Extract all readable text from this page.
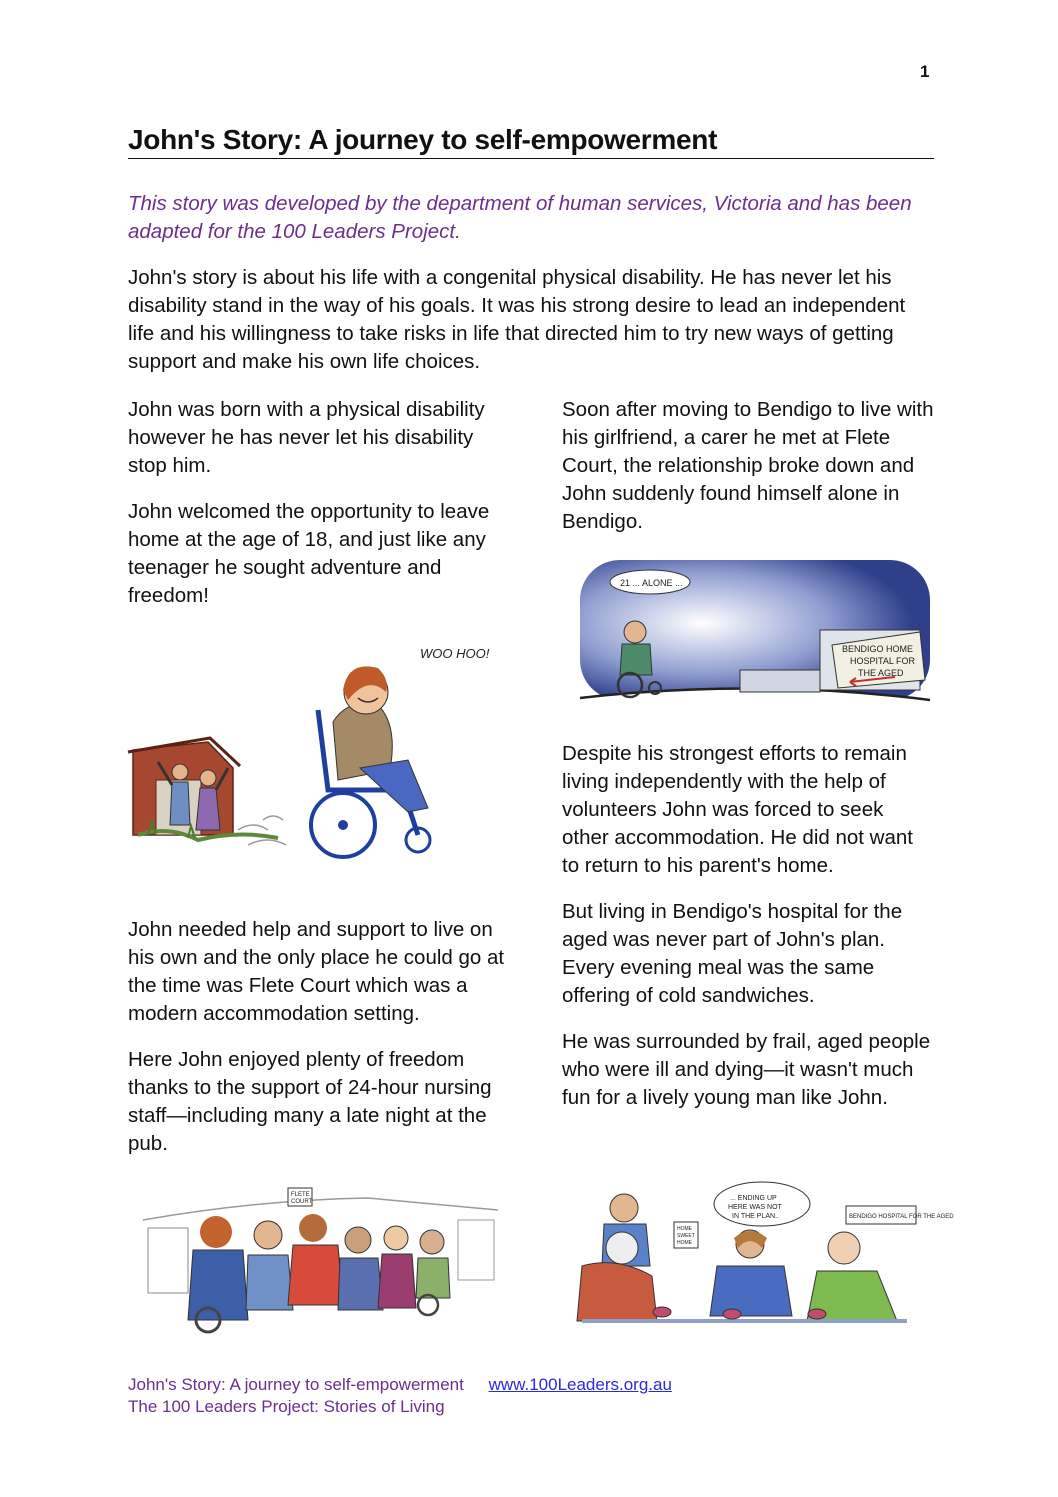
1
John's Story: A journey to self-empowerment

This story was developed by the department of human services, Victoria and has been adapted for the 100 Leaders Project.

John's story is about his life with a congenital physical disability. He has never let his disability stand in the way of his goals. It was his strong desire to lead an independent life and his willingness to take risks in life that directed him to try new ways of getting support and make his own life choices.

John was born with a physical disability however he has never let his disability stop him.

John welcomed the opportunity to leave home at the age of 18, and just like any teenager he sought adventure and freedom!

WOO HOO!

John needed help and support to live on his own and the only place he could go at the time was Flete Court which was a modern accommodation setting.

Here John enjoyed plenty of freedom thanks to the support of 24-hour nursing staff—including many a late night at the pub.

FLETE
COURT

Soon after moving to Bendigo to live with his girlfriend, a carer he met at Flete Court, the relationship broke down and John suddenly found himself alone in Bendigo.

21 ... ALONE ...
BENDIGO HOME
HOSPITAL FOR
THE AGED

Despite his strongest efforts to remain living independently with the help of volunteers John was forced to seek other accommodation. He did not want to return to his parent's home.

But living in Bendigo's hospital for the aged was never part of John's plan. Every evening meal was the same offering of cold sandwiches.

He was surrounded by frail, aged people who were ill and dying—it wasn't much fun for a lively young man like John.

... ENDING UP
HERE WAS NOT
IN THE PLAN..
HOME
SWEET
HOME
BENDIGO HOSPITAL FOR THE AGED
John's Story: A journey to self-empowerment www.100Leaders.org.au
The 100 Leaders Project: Stories of Living
